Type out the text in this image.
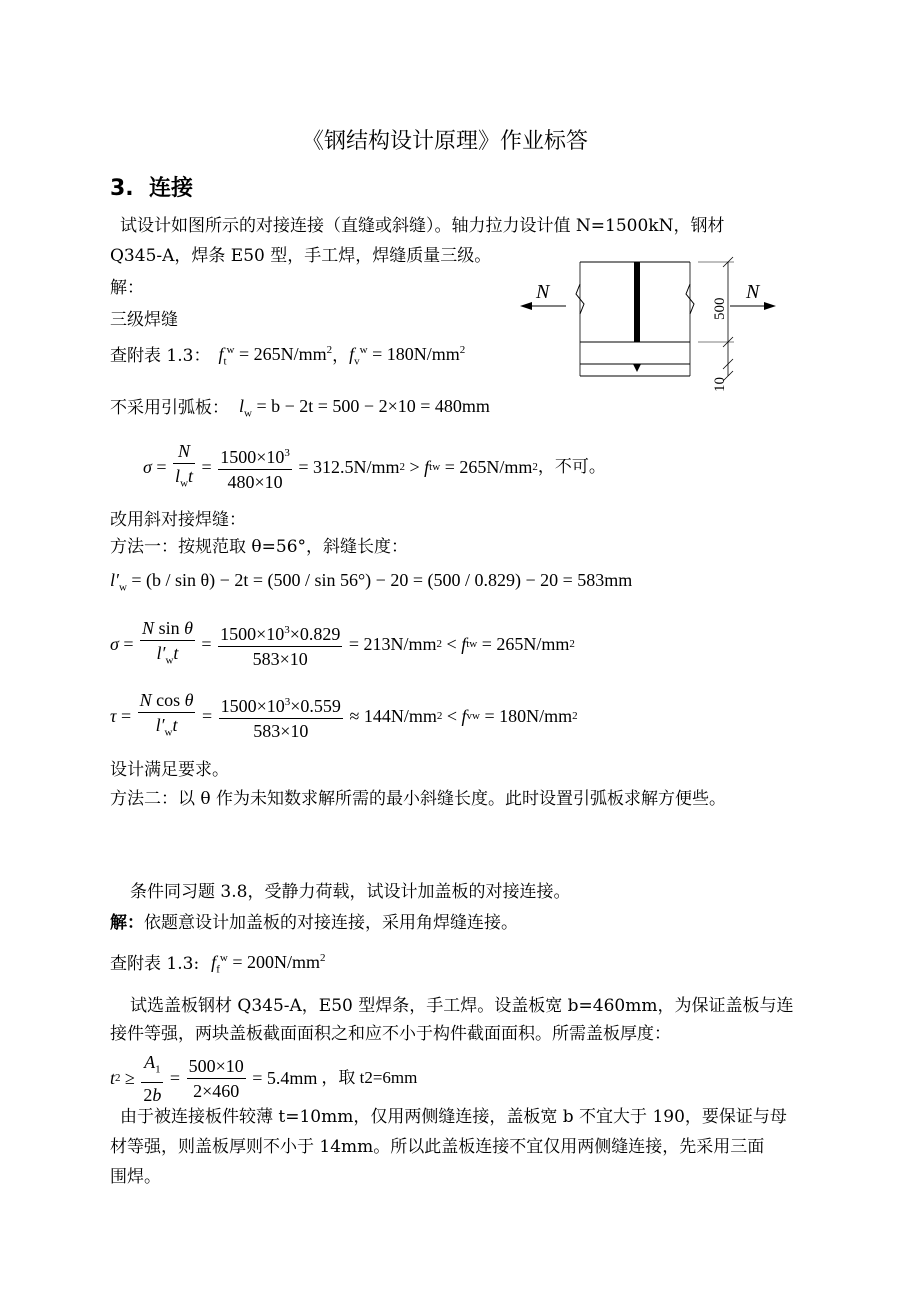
《钢结构设计原理》作业标答
3. 连接
试设计如图所示的对接连接（直缝或斜缝）。轴力拉力设计值 N=1500kN，钢材
Q345-A，焊条 E50 型，手工焊，焊缝质量三级。
解：
三级焊缝
N	N
500
10
查附表 1.3： $f_t^w = 265N/mm^2$ ， $f_v^w = 180N/mm^2$
不采用引弧板： $l_w = b - 2t = 500 - 2\times 10 = 480mm$
$\sigma = \frac{N}{l_wt} = \frac{1500\times 10^3}{480\times 10}$
= 312.5N/mm 2 > f t w = 265N/mm 2 ，不可。
改用斜对接焊缝：
方法一：按规范取 θ=56°，斜缝长度：
$l'_w = (b / \sin \theta) - 2t = (500 / \sin 56^\circ) - 20 = (500 / 0.829) - 20 = 583mm$
$\sigma = \frac{\text{N sin θ}}{l'_wt} = \frac{1500\times 10^3\times 0.829}{583\times 10}$
= 213N/mm 2 < f t w = 265N/mm 2
$\tau = \frac{\text{N cos θ}}{l'_wt} = \frac{1500\times 10^3\times 0.559}{583\times 10}$
≈ 144N/mm 2 < f v w = 180N/mm 2
设计满足要求。
方法二：以 θ 作为未知数求解所需的最小斜缝长度。此时设置引弧板求解方便些。
条件同习题 3.8，受静力荷载，试设计加盖板的对接连接。
解：依题意设计加盖板的对接连接，采用角焊缝连接。
查附表 1.3: $f_f^w = 200N/mm^2$
试选盖板钢材 Q345-A，E50 型焊条，手工焊。设盖板宽 b=460mm，为保证盖板与连
接件等强，两块盖板截面面积之和应不小于构件截面面积。所需盖板厚度：
t $2 \ge \frac{A_1}{2b} = \frac{500\times 10}{2\times 460}$
= 5.4mm ，取 t2=6mm
由于被连接板件较薄 t=10mm，仅用两侧缝连接，盖板宽 b 不宜大于 190，要保证与母
材等强，则盖板厚则不小于 14mm。所以此盖板连接不宜仅用两侧缝连接，先采用三面
围焊。
